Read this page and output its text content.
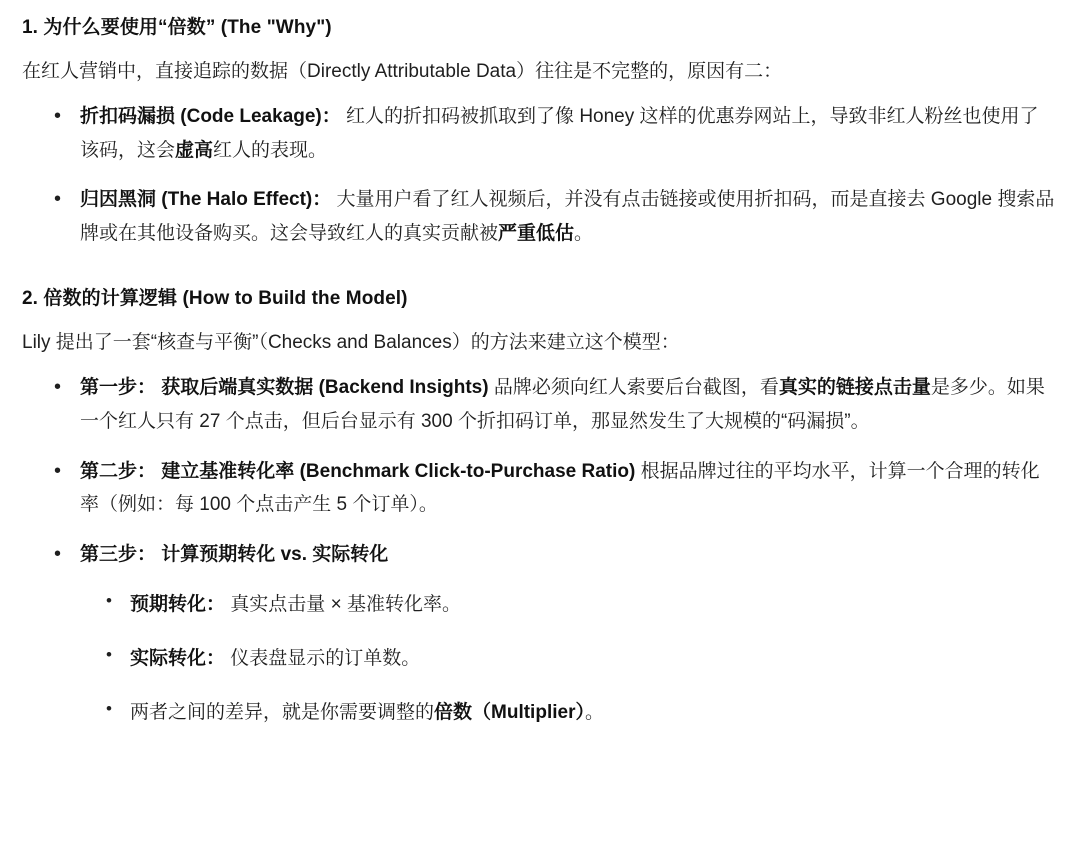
1. 为什么要使用“倍数” (The "Why")

在红人营销中，直接追踪的数据（Directly Attributable Data）往往是不完整的，原因有二：

• 折扣码漏损 (Code Leakage)： 红人的折扣码被抓取到了像 Honey 这样的优惠券网站上，导致非红人粉丝也使用了该码，这会虚高红人的表现。
• 归因黑洞 (The Halo Effect)： 大量用户看了红人视频后，并没有点击链接或使用折扣码，而是直接去 Google 搜索品牌或在其他设备购买。这会导致红人的真实贡献被严重低估。
2. 倍数的计算逻辑 (How to Build the Model)

Lily 提出了一套“核查与平衡”（Checks and Balances）的方法来建立这个模型：

• 第一步： 获取后端真实数据 (Backend Insights) 品牌必须向红人索要后台截图，看真实的链接点击量是多少。如果一个红人只有 27 个点击，但后台显示有 300 个折扣码订单，那显然发生了大规模的“码漏损”。
• 第二步： 建立基准转化率 (Benchmark Click-to-Purchase Ratio) 根据品牌过往的平均水平，计算一个合理的转化率（例如：每 100 个点击产生 5 个订单）。
• 第三步： 计算预期转化 vs. 实际转化
• 预期转化： 真实点击量 × 基准转化率。
• 实际转化： 仪表盘显示的订单数。
• 两者之间的差异，就是你需要调整的倍数（Multiplier）。
